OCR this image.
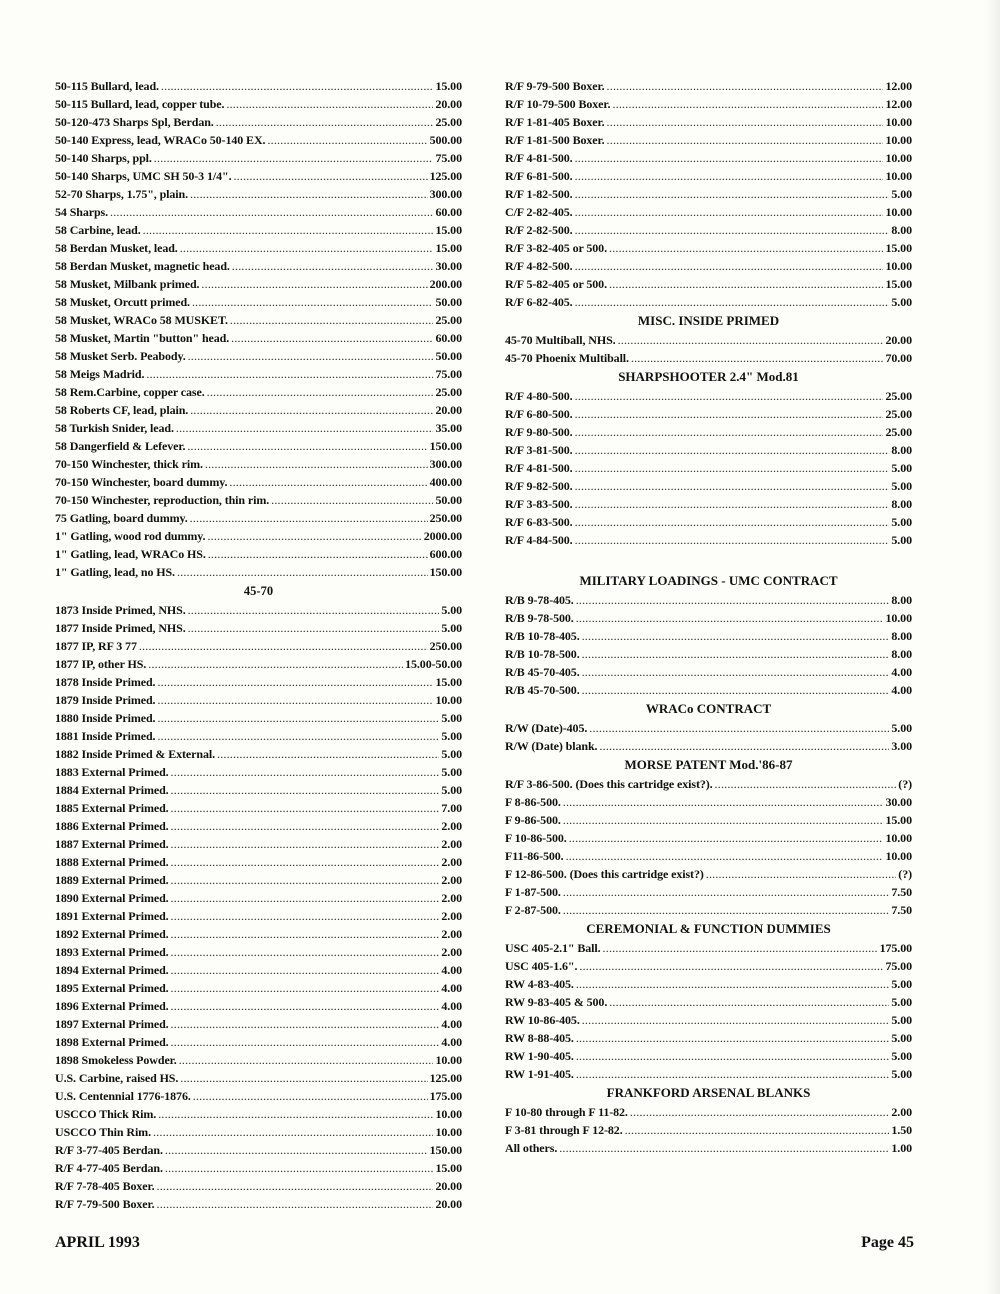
50-115 Bullard, lead. . . .	15.00
50-115 Bullard, lead, copper tube. . . .	20.00
50-120-473 Sharps Spl, Berdan. . . .	25.00
50-140 Express, lead, WRACo 50-140 EX. . . .	500.00
50-140 Sharps, ppl. . . .	75.00
50-140 Sharps, UMC SH 50-3 1/4". . . .	125.00
52-70 Sharps, 1.75", plain. . . .	300.00
54 Sharps. . . .	60.00
58 Carbine, lead. . . .	15.00
58 Berdan Musket, lead. . . .	15.00
58 Berdan Musket, magnetic head. . . .	30.00
58 Musket, Milbank primed. . . .	200.00
58 Musket, Orcutt primed. . . .	50.00
58 Musket, WRACo 58 MUSKET. . . .	25.00
58 Musket, Martin "button" head. . . .	60.00
58 Musket Serb. Peabody. . . .	50.00
58 Meigs Madrid. . . .	75.00
58 Rem.Carbine, copper case. . . .	25.00
58 Roberts CF, lead, plain. . . .	20.00
58 Turkish Snider, lead. . . .	35.00
58 Dangerfield & Lefever. . . .	150.00
70-150 Winchester, thick rim. . . .	300.00
70-150 Winchester, board dummy. . . .	400.00
70-150 Winchester, reproduction, thin rim. . . .	50.00
75 Gatling, board dummy. . . .	250.00
1" Gatling, wood rod dummy. . . .	2000.00
1" Gatling, lead, WRACo HS. . . .	600.00
1" Gatling, lead, no HS. . . .	150.00
45-70
1873 Inside Primed, NHS. . . .	5.00
1877 Inside Primed, NHS. . . .	5.00
1877 IP, RF 3 77 . . .	250.00
1877 IP, other HS. . . .	15.00-50.00
1878 Inside Primed. . . .	15.00
1879 Inside Primed. . . .	10.00
1880 Inside Primed. . . .	5.00
1881 Inside Primed. . . .	5.00
1882 Inside Primed & External. . . .	5.00
1883 External Primed. . . .	5.00
1884 External Primed. . . .	5.00
1885 External Primed. . . .	7.00
1886 External Primed. . . .	2.00
1887 External Primed. . . .	2.00
1888 External Primed. . . .	2.00
1889 External Primed. . . .	2.00
1890 External Primed. . . .	2.00
1891 External Primed. . . .	2.00
1892 External Primed. . . .	2.00
1893 External Primed. . . .	2.00
1894 External Primed. . . .	4.00
1895 External Primed. . . .	4.00
1896 External Primed. . . .	4.00
1897 External Primed. . . .	4.00
1898 External Primed. . . .	4.00
1898 Smokeless Powder. . . .	10.00
U.S. Carbine, raised HS. . . .	125.00
U.S. Centennial 1776-1876. . . .	175.00
USCCO Thick Rim. . . .	10.00
USCCO Thin Rim. . . .	10.00
R/F 3-77-405 Berdan. . . .	150.00
R/F 4-77-405 Berdan. . . .	15.00
R/F 7-78-405 Boxer. . . .	20.00
R/F 7-79-500 Boxer. . . .	20.00
R/F 9-79-500 Boxer. . . .	12.00
R/F 10-79-500 Boxer. . . .	12.00
R/F 1-81-405 Boxer. . . .	10.00
R/F 1-81-500 Boxer. . . .	10.00
R/F 4-81-500. . . .	10.00
R/F 6-81-500. . . .	10.00
R/F 1-82-500. . . .	5.00
C/F 2-82-405. . . .	10.00
R/F 2-82-500. . . .	8.00
R/F 3-82-405 or 500. . . .	15.00
R/F 4-82-500. . . .	10.00
R/F 5-82-405 or 500. . . .	15.00
R/F 6-82-405. . . .	5.00
MISC. INSIDE PRIMED
45-70 Multiball, NHS. . . .	20.00
45-70 Phoenix Multiball. . . .	70.00
SHARPSHOOTER 2.4" Mod.81
R/F 4-80-500. . . .	25.00
R/F 6-80-500. . . .	25.00
R/F 9-80-500. . . .	25.00
R/F 3-81-500. . . .	8.00
R/F 4-81-500. . . .	5.00
R/F 9-82-500. . . .	5.00
R/F 3-83-500. . . .	8.00
R/F 6-83-500. . . .	5.00
R/F 4-84-500. . . .	5.00
MILITARY LOADINGS - UMC CONTRACT
R/B 9-78-405. . . .	8.00
R/B 9-78-500. . . .	10.00
R/B 10-78-405. . . .	8.00
R/B 10-78-500. . . .	8.00
R/B 45-70-405. . . .	4.00
R/B 45-70-500. . . .	4.00
WRACo CONTRACT
R/W (Date)-405. . . .	5.00
R/W (Date) blank. . . .	3.00
MORSE PATENT Mod.'86-87
R/F 3-86-500. (Does this cartridge exist?). . . .	(?)
F 8-86-500. . . .	30.00
F 9-86-500. . . .	15.00
F 10-86-500. . . .	10.00
F11-86-500. . . .	10.00
F 12-86-500. (Does this cartridge exist?) . . .	(?)
F 1-87-500. . . .	7.50
F 2-87-500. . . .	7.50
CEREMONIAL & FUNCTION DUMMIES
USC 405-2.1" Ball. . . .	175.00
USC 405-1.6". . . .	75.00
RW 4-83-405. . . .	5.00
RW 9-83-405 & 500. . . .	5.00
RW 10-86-405. . . .	5.00
RW 8-88-405. . . .	5.00
RW 1-90-405. . . .	5.00
RW 1-91-405. . . .	5.00
FRANKFORD ARSENAL BLANKS
F 10-80 through F 11-82. . . .	2.00
F 3-81 through F 12-82. . . .	1.50
All others. . . .	1.00
APRIL 1993	Page 45
